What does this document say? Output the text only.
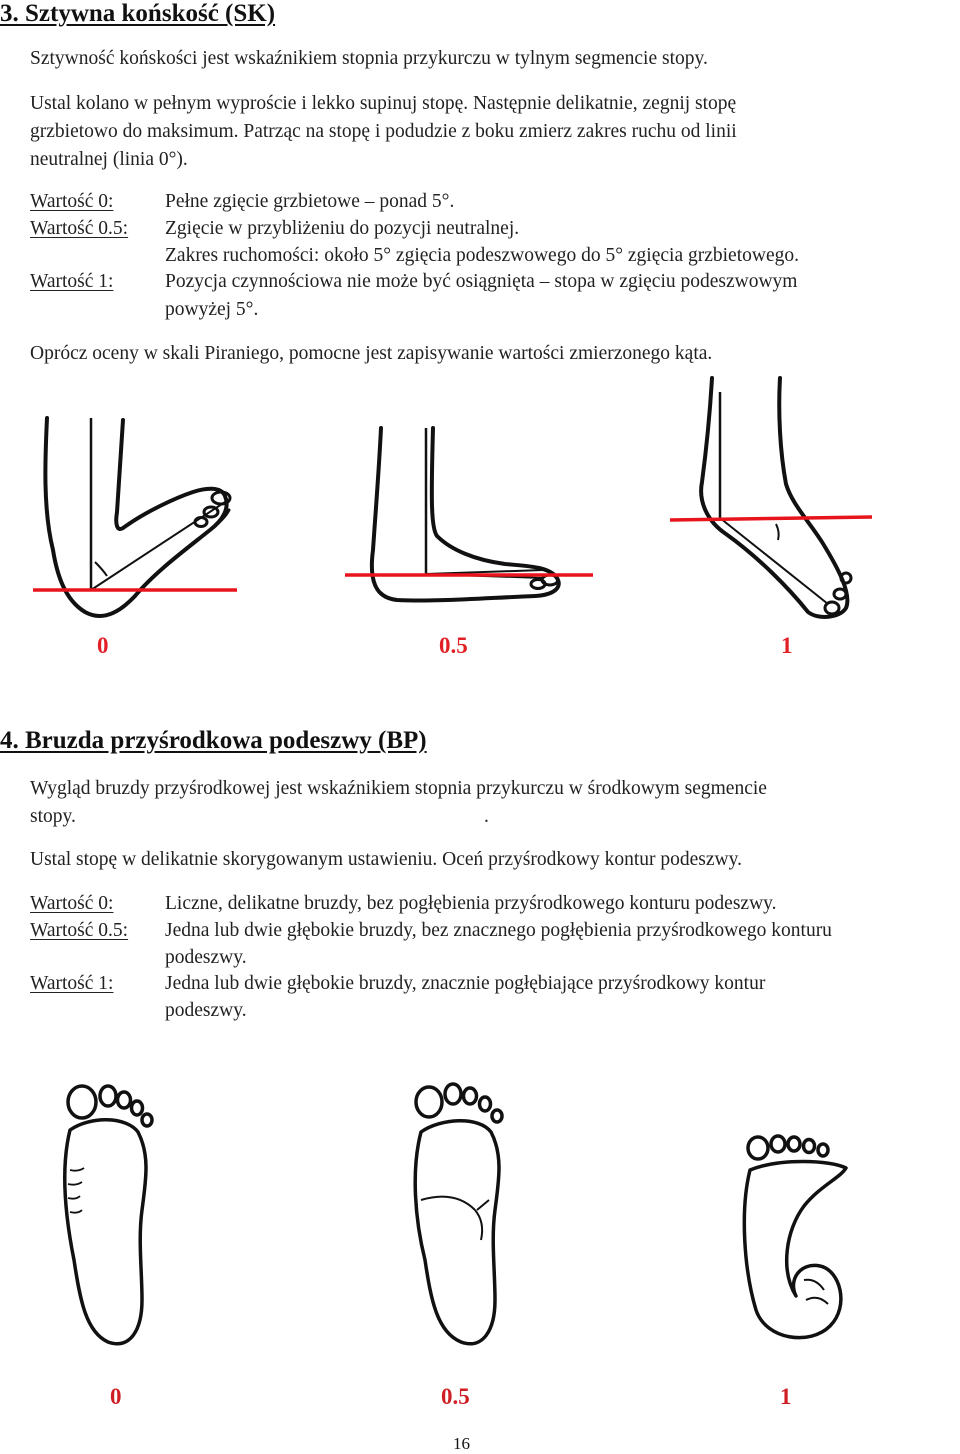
3. Sztywna końskość (SK)
Sztywność końskości jest wskaźnikiem stopnia przykurczu w tylnym segmencie stopy.
Ustal kolano w pełnym wyproście i lekko supinuj stopę. Następnie delikatnie, zegnij stopę
grzbietowo do maksimum. Patrząc na stopę i podudzie z boku zmierz zakres ruchu od linii
neutralnej (linia 0°).
Wartość 0:	Pełne zgięcie grzbietowe – ponad 5°.
Wartość 0.5: Zgięcie w przybliżeniu do pozycji neutralnej.
Zakres ruchomości: około 5° zgięcia podeszwowego do 5° zgięcia grzbietowego.
Wartość 1:	Pozycja czynnościowa nie może być osiągnięta – stopa w zgięciu podeszwowym
powyżej 5°.
Oprócz oceny w skali Piraniego, pomocne jest zapisywanie wartości zmierzonego kąta.
0	0.5	1
4. Bruzda przyśrodkowa podeszwy (BP)
Wygląd bruzdy przyśrodkowej jest wskaźnikiem stopnia przykurczu w środkowym segmencie
stopy.	.
Ustal stopę w delikatnie skorygowanym ustawieniu. Oceń przyśrodkowy kontur podeszwy.
Wartość 0:	Liczne, delikatne bruzdy, bez pogłębienia przyśrodkowego konturu podeszwy.
Wartość 0.5: Jedna lub dwie głębokie bruzdy, bez znacznego pogłębienia przyśrodkowego konturu
podeszwy.
Wartość 1:	Jedna lub dwie głębokie bruzdy, znacznie pogłębiające przyśrodkowy kontur
podeszwy.
0	0.5	1
16
